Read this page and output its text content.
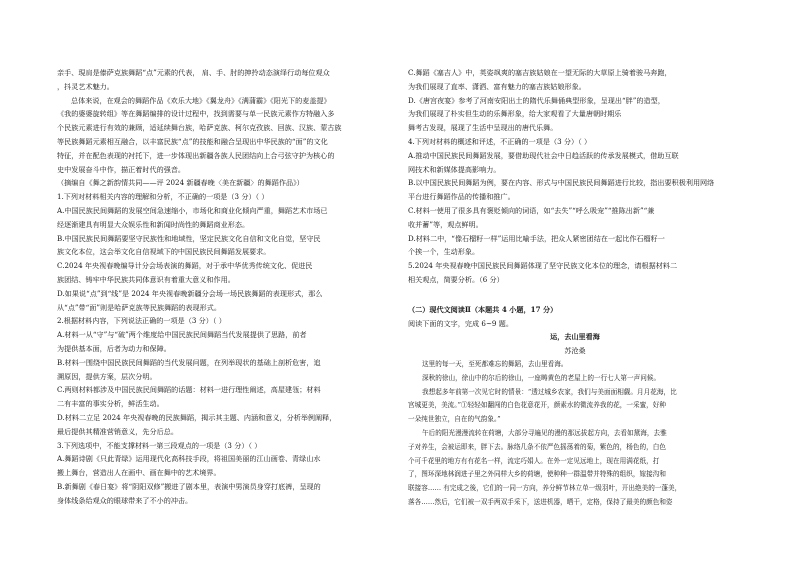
亲手、現肩是傣萨克族舞蹈“点”元素的代表， 肩、手、肘的抻拎动态演绎行动每位观众
，抖灵艺术魅力。
总体来说，在观会的舞蹈作品《欢乐大地》《翼龙舟》《满蒲霸》《阳光下的麦盖提》
《我的婆婆旋转组》等在舞蹈编排的设计过程中，找到需要与单一民族元素作方特融入多
个民族元素进行有效的兼顾，适延续舞台族，哈萨克族、柯尔克孜族、回族、汉族、蒙古族
等民族舞蹈元素相互融合，以丰富民族“点”的技能和融合呈现出中华民族的“面”的文化
特征，并在配色表现的衬托下，进一步体现出新疆各族人民团结向上合弓弦守护为核心的
史中发展奋斗中作，描正着时代的强音。
（摘编自《舞之新韵情共同——评 2024 新疆春晚〈美在新疆〉的舞蹈作品》）
1.下列对材料相关内容的理解和分析，不正确的一项是（3 分）（ ）
A.中国民族民间舞蹈的发展空间急速缩小，市场化和商业化倾向严重，舞蹈艺术市场已
经逐渐建具有明显大众娱乐性和新闻时尚性的舞蹈商业形态。
B.中国民族民间舞蹈要坚守民族性和地域性，坚定民族文化自信和文化自觉，坚守民
族文化本位，这会举文化自信视域下的中国民族民间舞蹈发展要求。
C.2024 年央视春晚编导计分会场表演的舞蹈，对于承中华优秀传统文化、促进民
族团结、铸牢中华民族共同体意识有着重大意义和作用。
D.如果说“点”到“线”是 2024 年央视春晚新疆分会场一场民族舞蹈的表现形式，那么
从“点”带“面”则是哈萨克族等民族舞蹈的表现形式。
2.根据材料内容，下列说法正确的一项是（3 分）（ ）
A.材料一从“守”与“破”两个维度给中国民族民间舞蹈当代发展提供了思路，前者
为提供基本面，后者为动力和保障。
B.材料一围绕中国民族民间舞蹈的当代发展问题，在列举现状的基础上剖析危害，追
溯原因，提供方案，层次分明。
C.两则材料都涉及中国民族民间舞蹈的话题：材料一进行理性阐述，高屋建瓴；材料
二有丰富的事实分析，鲜活生动。
D.材料二立足 2024 年央视春晚的民族舞蹈，揭示其主题、内涵和意义，分析举例阐释，
最后提供其精准营销意义，先分后总。
3.下列选项中，不能支撑材料一第三段观点的一项是（3 分）（ ）
A.舞蹈诗剧《只此青绿》运用现代化高科技手段，将祖国美丽的江山画卷、青绿山水
搬上舞台，营造出人在画中、画在舞中的艺术境界。
B.新舞剧《春日宴》将“阴阳双修”搬进了剧本里，表演中男演员身穿打底裤，呈现的
身体线条给观众的眼球带来了不小的冲击。
C.舞蹈《塞吉人》中，英姿飒爽的塞吉族姑娘在一望无际的大草原上骑着骏马奔跑，
为我们展现了直率、潇洒、富有魅力的塞吉族姑娘形象。
D.《唐宫夜宴》参考了河南安阳出土的隋代乐舞俑典型形象，呈现出“胖”的造型，
为我们展现了朴实但生动的乐舞形象，给大家观看了大量唐朝时期乐
舞考古发现，展现了生活中呈现出的唐代乐舞。
4.下列对材料的概述和评述，不正确的一项是（3 分）（ ）
A.推动中国民族民间舞蹈发展，要借助现代社会中日趋活跃的传承发展模式，借助互联
网技术和新媒体提高影响力。
B.以中国民族民间舞蹈为例，要在内容、形式与中国民族民间舞蹈进行比较，指出要积极利用网络
平台进行舞蹈作品的传播和推广。
C.材料一使用了很多具有褒贬倾向的词语，如“去失”“呼么吸宠”“推陈出新”“兼
收并蓄”等，观点鲜明。
D.材料二中，“像石榴籽一样”运用比喻手法，把众人紧密团结在一起比作石榴籽一
个挨一个，生动形象。
5.2024 年央视春晚中国民族民间舞蹈体现了坚守民族文化本位的理念，请根据材料二
相关观点，简要分析。（6 分）
（二）现代文阅读Ⅱ（本题共 4 小题，17 分）
阅读下面的文字，完成 6~9 题。
运，去山里看海
苏沧桑
这里的每一天，至死都难忘的舞蹈，去山里看海。
深秋的徐山，徐山中的尔后的徐山，一座畴黄色的老屋上的一行七人第一声问候。
我想起多年前第一次见它时的情景：“透过城乡农家，我们与美面面相觑。月月花海，比
宫城更美，美流。”①轻轻如翻闯的白色花意花开，颜素水的微流养我的花，一采蜜，好种
一朵纯世独立，自在的气韵象。”
午后的阳光漫漫流转在荷塘，大部分寻遍见的漫的那远拔起方向，去看如黛海，去雅
子对养生，会被运即来，胖下去。脉络几条不依严色摇荡着的菊，紫色的，杨色的，白色
个可千花里的地方有有花名一样，流定巧娟人。在外一定见远地上，现在用满花纸，打
了，图环深地林润进子里之外同样大乡的荷塘，使种种一群温带并特殊的组织，嫁接沟和
联接容…… 有完成之後，它们的一同一方向，养分鲜节林立单一级羽叶，开出绝美的一蓬美，
落各……然后，它们被一双手两双手采下，送进机器，晒干，定格，保持了最美的颜色和姿
